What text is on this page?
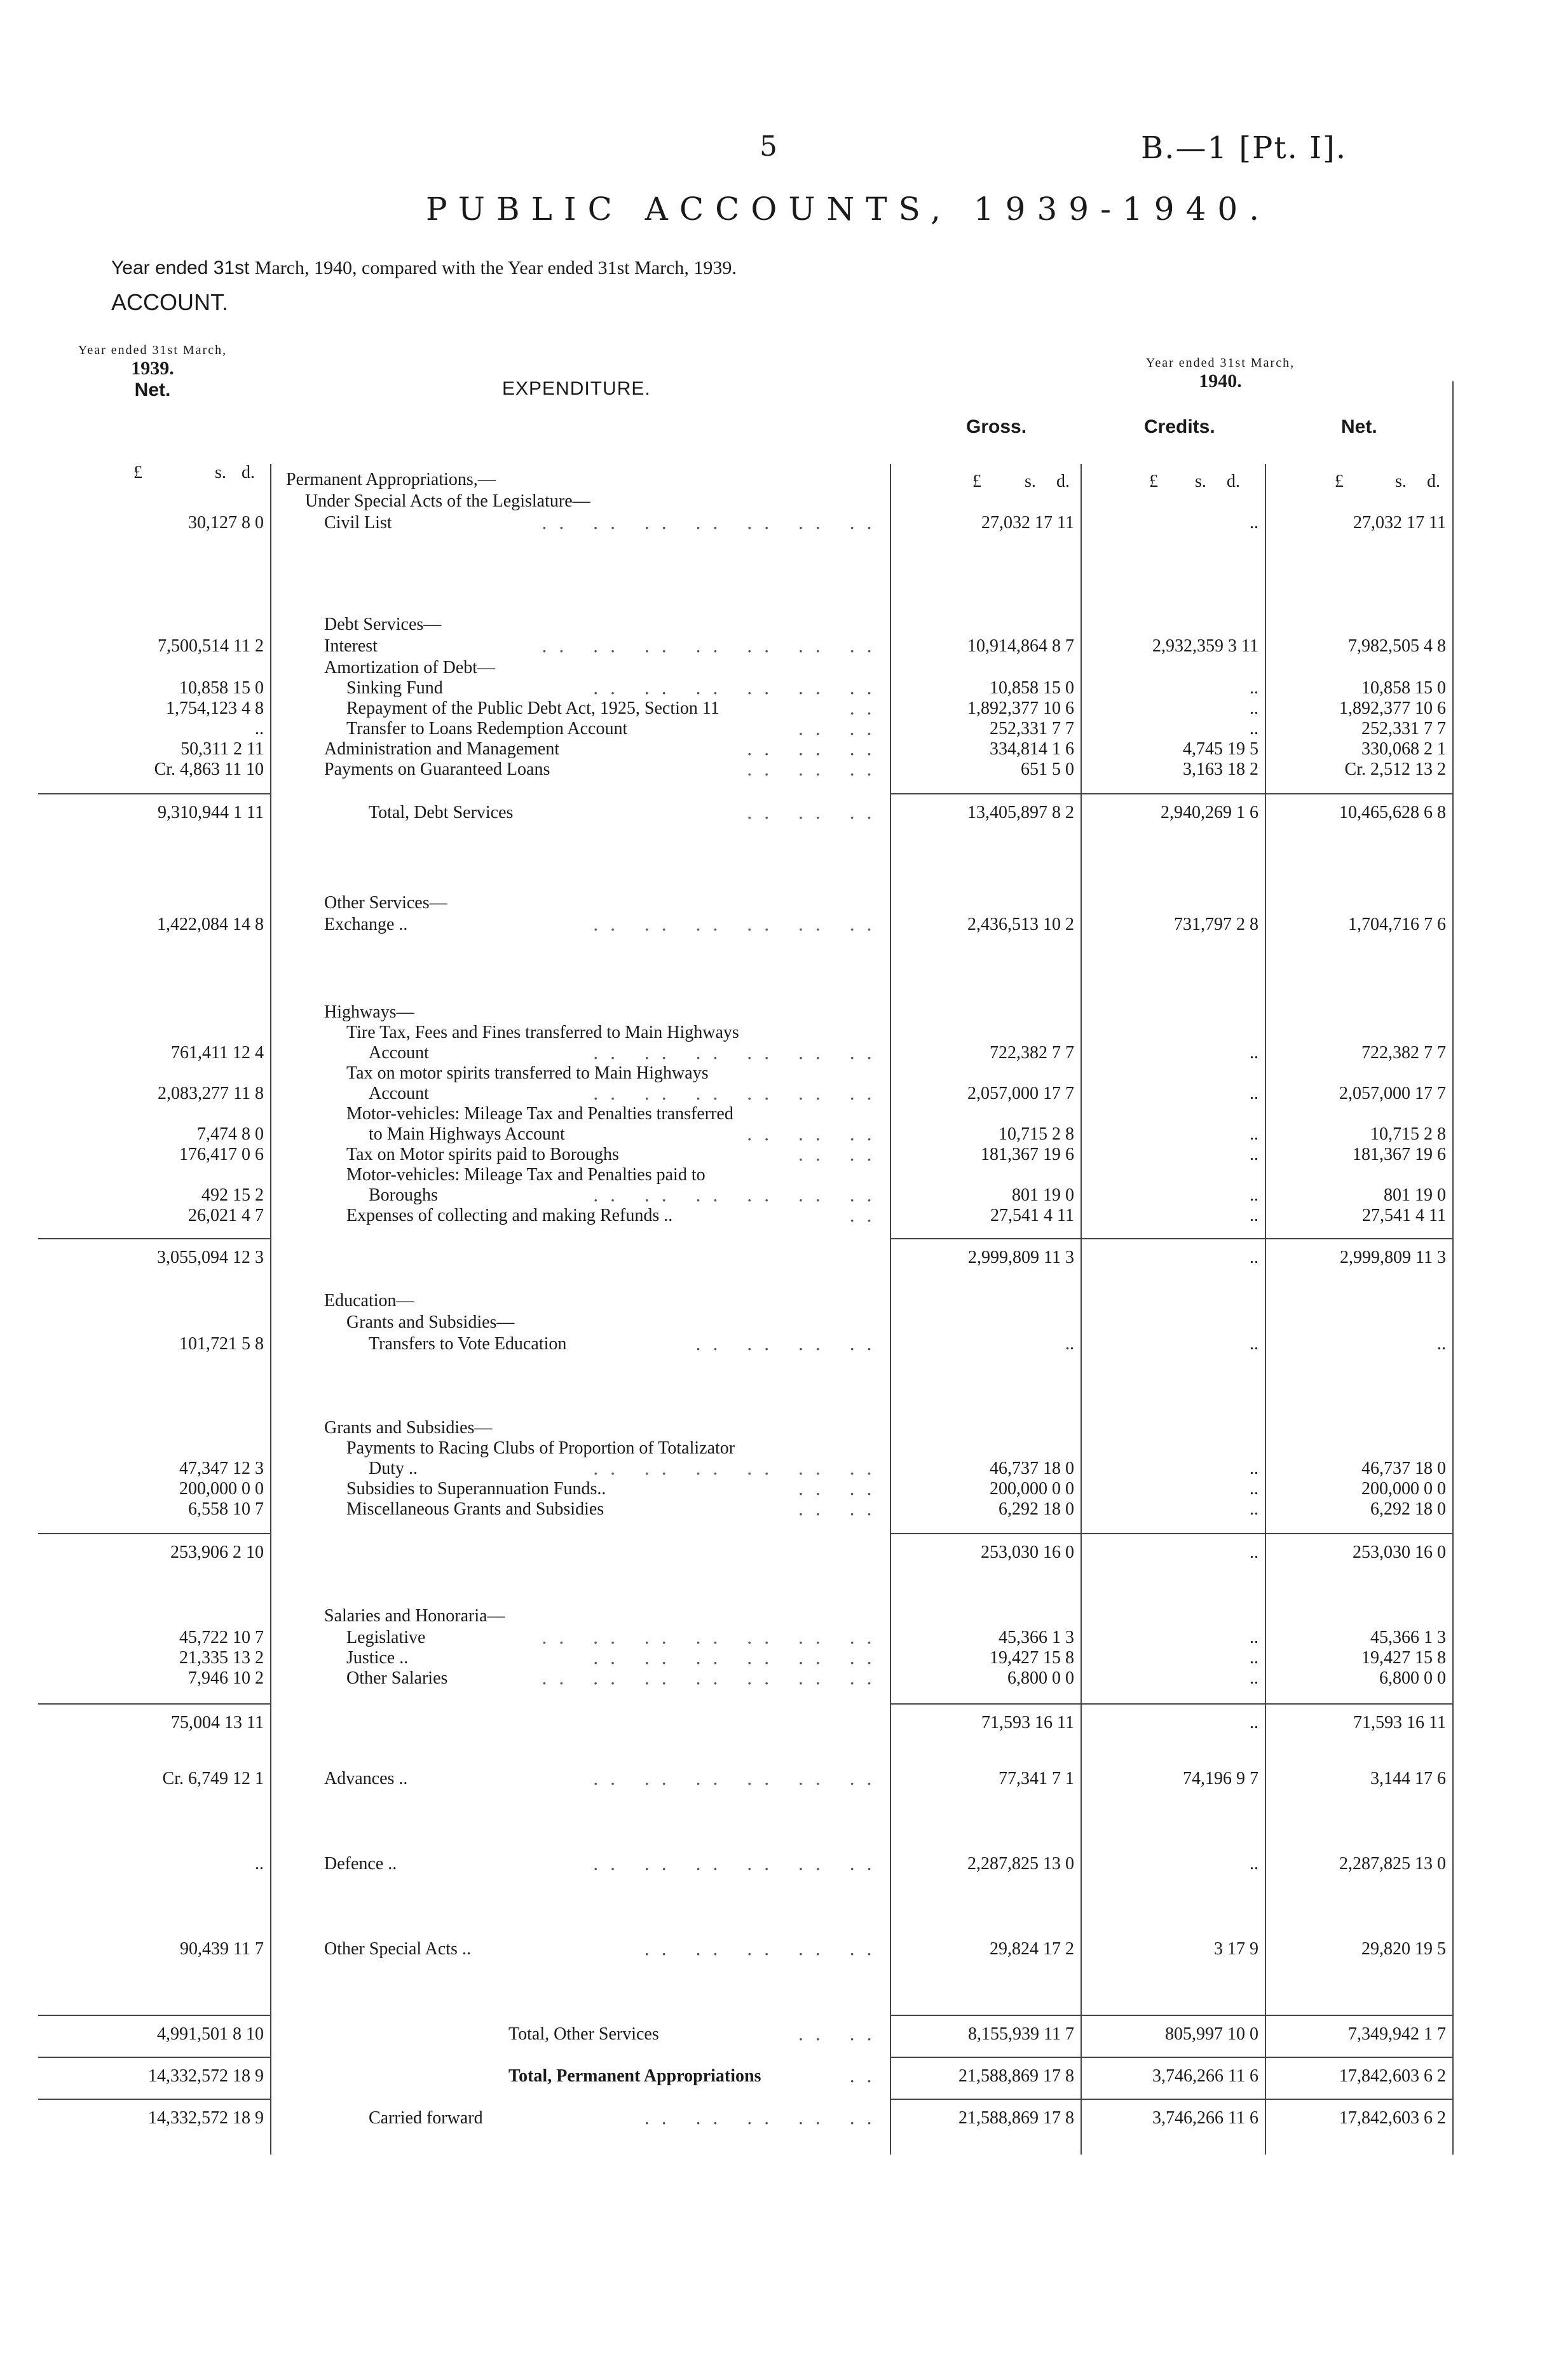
5	B.—1 [Pt. I].
PUBLIC ACCOUNTS, 1939-1940.
Year ended 31st March, 1940, compared with the Year ended 31st March, 1939.
ACCOUNT.
Year ended 31st March,
1939.
Net.	EXPENDITURE.
Year ended 31st March,
1940.
Gross.	Credits.	Net.
£	s. d.	£ s. d.	£ s. d.	£	s. d.
Permanent Appropriations,—
Under Special Acts of the Legislature—
Civil List	.. .. .. .. .. .. ..
30,127 8 0	27,032 17 11	..	27,032 17 11
Debt Services—
Interest	.. .. .. .. .. .. ..
7,500,514 11 2	10,914,864 8 7	2,932,359 3 11	7,982,505 4 8
Amortization of Debt—
Sinking Fund	.. .. .. .. .. ..
10,858 15 0	10,858 15 0	..	10,858 15 0
Repayment of the Public Debt Act, 1925, Section 11	..
1,754,123 4 8	1,892,377 10 6	..	1,892,377 10 6
Transfer to Loans Redemption Account	.. ..
..	252,331 7 7	..	252,331 7 7
Administration and Management	.. .. ..
50,311 2 11	334,814 1 6	4,745 19 5	330,068 2 1
Payments on Guaranteed Loans	.. .. ..
Cr. 4,863 11 10	651 5 0	3,163 18 2	Cr. 2,512 13 2
Total, Debt Services	.. .. ..
9,310,944 1 11	13,405,897 8 2	2,940,269 1 6	10,465,628 6 8
Other Services—
Exchange ..	.. .. .. .. .. ..
1,422,084 14 8	2,436,513 10 2	731,797 2 8	1,704,716 7 6
Highways—
Tire Tax, Fees and Fines transferred to Main Highways
Account	.. .. .. .. .. ..
761,411 12 4	722,382 7 7	..	722,382 7 7
Tax on motor spirits transferred to Main Highways
Account	.. .. .. .. .. ..
2,083,277 11 8	2,057,000 17 7	..	2,057,000 17 7
Motor-vehicles: Mileage Tax and Penalties transferred
to Main Highways Account	.. .. ..
7,474 8 0	10,715 2 8	..	10,715 2 8
Tax on Motor spirits paid to Boroughs	.. ..
176,417 0 6	181,367 19 6	..	181,367 19 6
Motor-vehicles: Mileage Tax and Penalties paid to
Boroughs	.. .. .. .. .. ..
492 15 2	801 19 0	..	801 19 0
Expenses of collecting and making Refunds ..	..
26,021 4 7	27,541 4 11	..	27,541 4 11
3,055,094 12 3	2,999,809 11 3	..	2,999,809 11 3
Education—
Grants and Subsidies—
Transfers to Vote Education	.. .. .. ..
101,721 5 8	..	..	..
Grants and Subsidies—
Payments to Racing Clubs of Proportion of Totalizator
Duty ..	.. .. .. .. .. ..
47,347 12 3	46,737 18 0	..	46,737 18 0
Subsidies to Superannuation Funds..	.. ..
200,000 0 0	200,000 0 0	..	200,000 0 0
Miscellaneous Grants and Subsidies	.. ..
6,558 10 7	6,292 18 0	..	6,292 18 0
253,906 2 10	253,030 16 0	..	253,030 16 0
Salaries and Honoraria—
Legislative	.. .. .. .. .. .. ..
45,722 10 7	45,366 1 3	..	45,366 1 3
Justice ..	.. .. .. .. .. ..
21,335 13 2	19,427 15 8	..	19,427 15 8
Other Salaries	.. .. .. .. .. .. ..
7,946 10 2	6,800 0 0	..	6,800 0 0
75,004 13 11	71,593 16 11	..	71,593 16 11
Advances ..	.. .. .. .. .. ..
Cr. 6,749 12 1	77,341 7 1	74,196 9 7	3,144 17 6
Defence ..	.. .. .. .. .. ..
..	2,287,825 13 0	..	2,287,825 13 0
Other Special Acts ..	.. .. .. .. ..
90,439 11 7	29,824 17 2	3 17 9	29,820 19 5
Total, Other Services	.. ..
4,991,501 8 10	8,155,939 11 7	805,997 10 0	7,349,942 1 7
Total, Permanent Appropriations	..
14,332,572 18 9	21,588,869 17 8	3,746,266 11 6	17,842,603 6 2
Carried forward	.. .. .. .. ..
14,332,572 18 9	21,588,869 17 8	3,746,266 11 6	17,842,603 6 2
